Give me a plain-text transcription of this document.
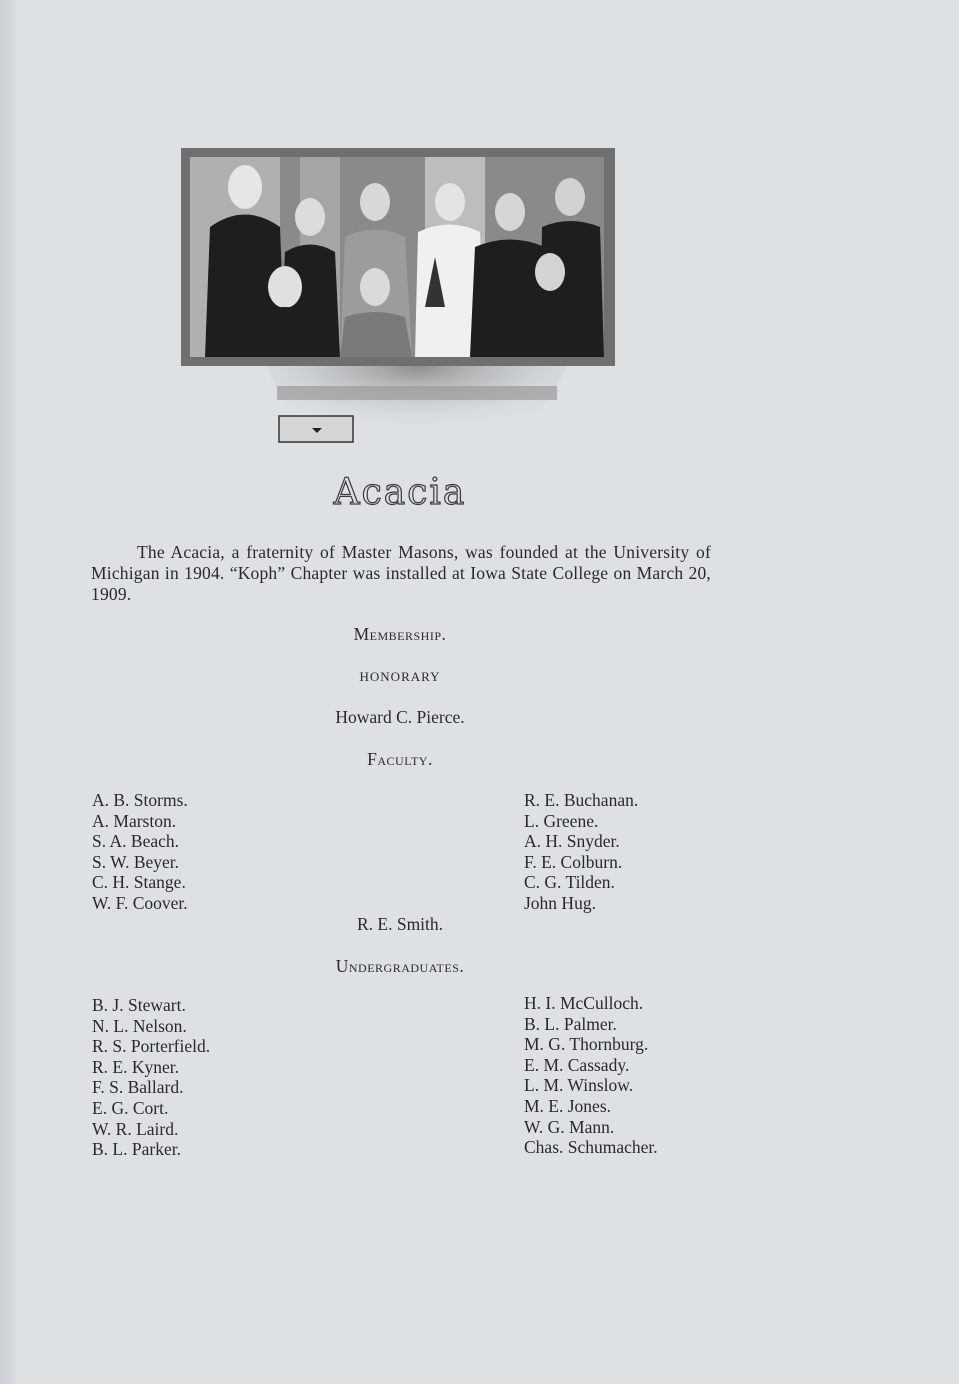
Acacia
The Acacia, a fraternity of Master Masons, was founded at the University of Michigan in 1904. “Koph” Chapter was installed at Iowa State College on March 20, 1909.
Membership.
HONORARY
Howard C. Pierce.
Faculty.
A. B. Storms.
A. Marston.
S. A. Beach.
S. W. Beyer.
C. H. Stange.
W. F. Coover.
R. E. Buchanan.
L. Greene.
A. H. Snyder.
F. E. Colburn.
C. G. Tilden.
John Hug.
R. E. Smith.
Undergraduates.
B. J. Stewart.
N. L. Nelson.
R. S. Porterfield.
R. E. Kyner.
F. S. Ballard.
E. G. Cort.
W. R. Laird.
B. L. Parker.
H. I. McCulloch.
B. L. Palmer.
M. G. Thornburg.
E. M. Cassady.
L. M. Winslow.
M. E. Jones.
W. G. Mann.
Chas. Schumacher.
